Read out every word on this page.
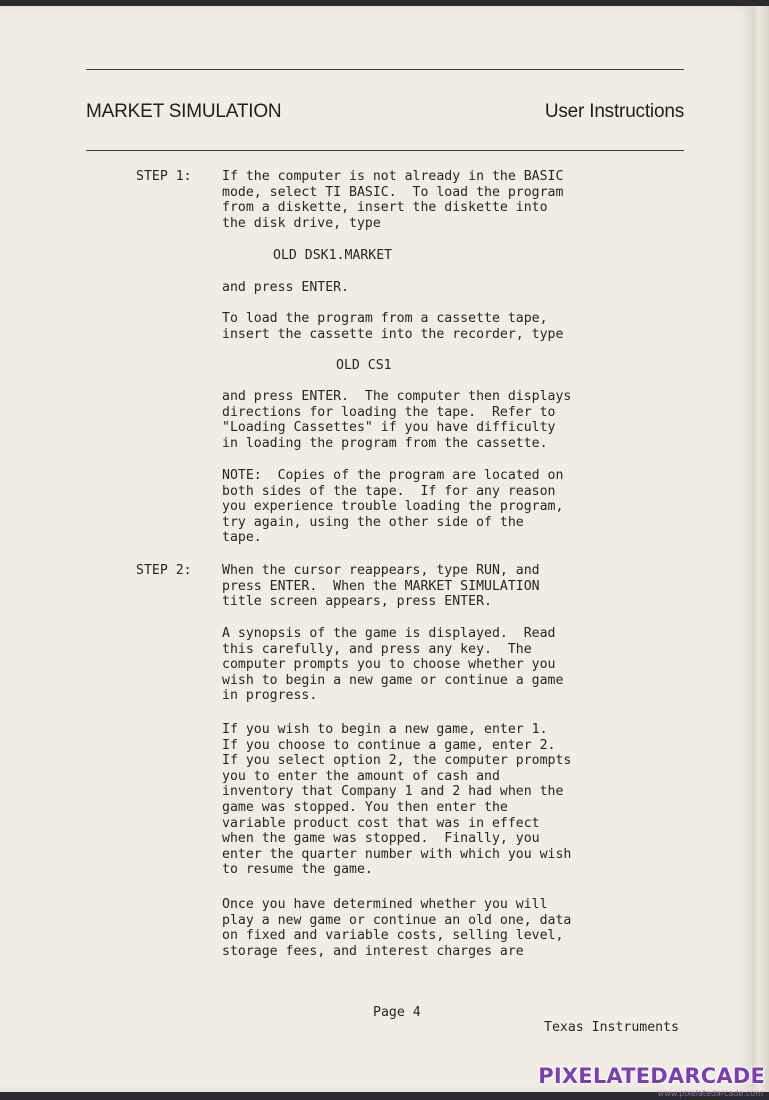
MARKET SIMULATION	User Instructions
STEP 1: If the computer is not already in the BASIC
mode, select TI BASIC.  To load the program
from a diskette, insert the diskette into
the disk drive, type
OLD DSK1.MARKET
and press ENTER.
To load the program from a cassette tape,
insert the cassette into the recorder, type
OLD CS1
and press ENTER.  The computer then displays
directions for loading the tape.  Refer to
"Loading Cassettes" if you have difficulty
in loading the program from the cassette.
NOTE:  Copies of the program are located on
both sides of the tape.  If for any reason
you experience trouble loading the program,
try again, using the other side of the
tape.
STEP 2: When the cursor reappears, type RUN, and
press ENTER.  When the MARKET SIMULATION
title screen appears, press ENTER.
A synopsis of the game is displayed.  Read
this carefully, and press any key.  The
computer prompts you to choose whether you
wish to begin a new game or continue a game
in progress.
If you wish to begin a new game, enter 1.
If you choose to continue a game, enter 2.
If you select option 2, the computer prompts
you to enter the amount of cash and
inventory that Company 1 and 2 had when the
game was stopped. You then enter the
variable product cost that was in effect
when the game was stopped.  Finally, you
enter the quarter number with which you wish
to resume the game.
Once you have determined whether you will
play a new game or continue an old one, data
on fixed and variable costs, selling level,
storage fees, and interest charges are
Page 4
Texas Instruments
PIXELATEDARCADE
www.pixelatedarcade.com
